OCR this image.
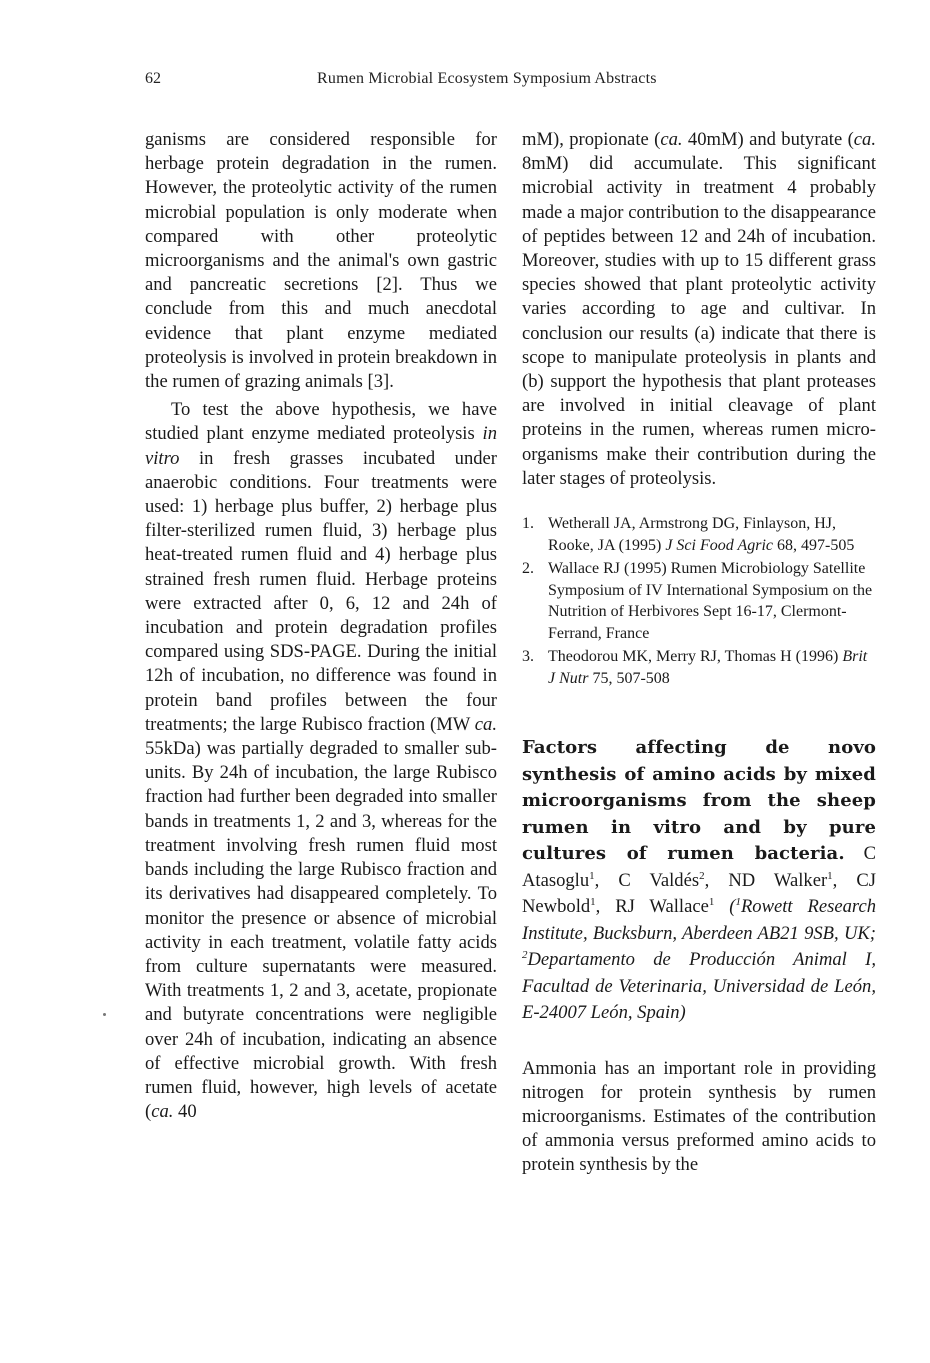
62	Rumen Microbial Ecosystem Symposium Abstracts

ganisms are considered responsible for herbage protein degradation in the rumen. However, the proteolytic activity of the rumen microbial population is only moderate when compared with other proteolytic microorganisms and the animal's own gastric and pancreatic secretions [2]. Thus we conclude from this and much anecdotal evidence that plant enzyme mediated proteolysis is involved in protein breakdown in the rumen of grazing animals [3].

To test the above hypothesis, we have studied plant enzyme mediated proteolysis in vitro in fresh grasses incubated under anaerobic conditions. Four treatments were used: 1) herbage plus buffer, 2) herbage plus filter-sterilized rumen fluid, 3) herbage plus heat-treated rumen fluid and 4) herbage plus strained fresh rumen fluid. Herbage proteins were extracted after 0, 6, 12 and 24h of incubation and protein degradation profiles compared using SDS-PAGE. During the initial 12h of incubation, no difference was found in protein band profiles between the four treatments; the large Rubisco fraction (MW ca. 55kDa) was partially degraded to smaller sub-units. By 24h of incubation, the large Rubisco fraction had further been degraded into smaller bands in treatments 1, 2 and 3, whereas for the treatment involving fresh rumen fluid most bands including the large Rubisco fraction and its derivatives had disappeared completely. To monitor the presence or absence of microbial activity in each treatment, volatile fatty acids from culture supernatants were measured. With treatments 1, 2 and 3, acetate, propionate and butyrate concentrations were negligible over 24h of incubation, indicating an absence of effective microbial growth. With fresh rumen fluid, however, high levels of acetate (ca. 40

mM), propionate (ca. 40mM) and butyrate (ca. 8mM) did accumulate. This significant microbial activity in treatment 4 probably made a major contribution to the disappearance of peptides between 12 and 24h of incubation. Moreover, studies with up to 15 different grass species showed that plant proteolytic activity varies according to age and cultivar. In conclusion our results (a) indicate that there is scope to manipulate proteolysis in plants and (b) support the hypothesis that plant proteases are involved in initial cleavage of plant proteins in the rumen, whereas rumen micro-organisms make their contribution during the later stages of proteolysis.

1. Wetherall JA, Armstrong DG, Finlayson, HJ, Rooke, JA (1995) J Sci Food Agric 68, 497-505
2. Wallace RJ (1995) Rumen Microbiology Satellite Symposium of IV International Symposium on the Nutrition of Herbivores Sept 16-17, Clermont-Ferrand, France
3. Theodorou MK, Merry RJ, Thomas H (1996) Brit J Nutr 75, 507-508

Factors affecting de novo synthesis of amino acids by mixed microorganisms from the sheep rumen in vitro and by pure cultures of rumen bacteria. C Atasoglu$^1$, C Valdés$^2$, ND Walker$^1$, CJ Newbold$^1$, RJ Wallace$^1$ ($^1$Rowett Research Institute, Bucksburn, Aberdeen AB21 9SB, UK; $^2$Departamento de Producción Animal I, Facultad de Veterinaria, Universidad de León, E-24007 León, Spain)

Ammonia has an important role in providing nitrogen for protein synthesis by rumen microorganisms. Estimates of the contribution of ammonia versus preformed amino acids to protein synthesis by the
